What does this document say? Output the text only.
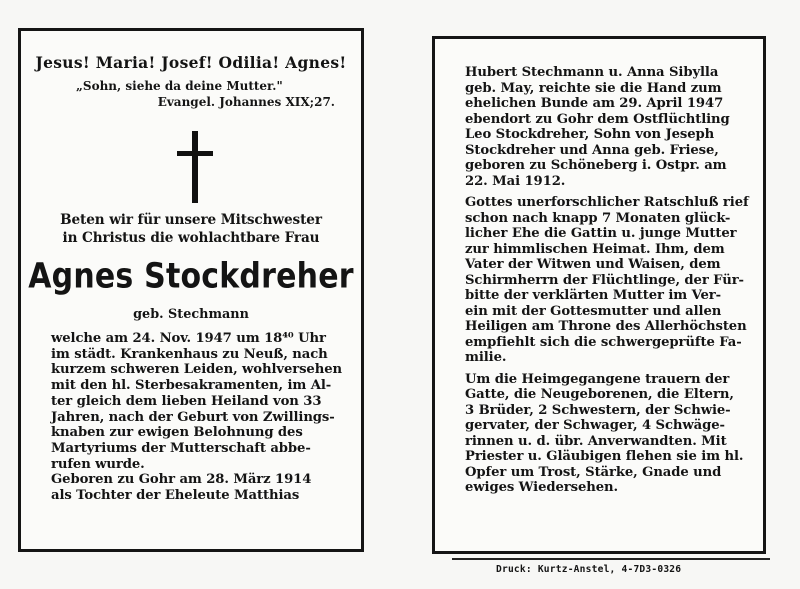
Jesus! Maria! Josef! Odilia! Agnes!
„Sohn, siehe da deine Mutter."
Evangel. Johannes XIX;27.
Beten wir für unsere Mitschwester
in Christus die wohlachtbare Frau
Agnes Stockdreher
geb. Stechmann
welche am 24. Nov. 1947 um 18⁴⁰ Uhr
im städt. Krankenhaus zu Neuß, nach
kurzem schweren Leiden, wohlversehen
mit den hl. Sterbesakramenten, im Al-
ter gleich dem lieben Heiland von 33
Jahren, nach der Geburt von Zwillings-
knaben zur ewigen Belohnung des
Martyriums der Mutterschaft abbe-
rufen wurde.
Geboren zu Gohr am 28. März 1914
als Tochter der Eheleute Matthias
Hubert Stechmann u. Anna Sibylla
geb. May, reichte sie die Hand zum
ehelichen Bunde am 29. April 1947
ebendort zu Gohr dem Ostflüchtling
Leo Stockdreher, Sohn von Jeseph
Stockdreher und Anna geb. Friese,
geboren zu Schöneberg i. Ostpr. am
22. Mai 1912.
Gottes unerforschlicher Ratschluß rief
schon nach knapp 7 Monaten glück-
licher Ehe die Gattin u. junge Mutter
zur himmlischen Heimat. Ihm, dem
Vater der Witwen und Waisen, dem
Schirmherrn der Flüchtlinge, der Für-
bitte der verklärten Mutter im Ver-
ein mit der Gottesmutter und allen
Heiligen am Throne des Allerhöchsten
empfiehlt sich die schwergeprüfte Fa-
milie.
Um die Heimgegangene trauern der
Gatte, die Neugeborenen, die Eltern,
3 Brüder, 2 Schwestern, der Schwie-
gervater, der Schwager, 4 Schwäge-
rinnen u. d. übr. Anverwandten. Mit
Priester u. Gläubigen flehen sie im hl.
Opfer um Trost, Stärke, Gnade und
ewiges Wiedersehen.
Druck: Kurtz-Anstel, 4-7D3-0326
